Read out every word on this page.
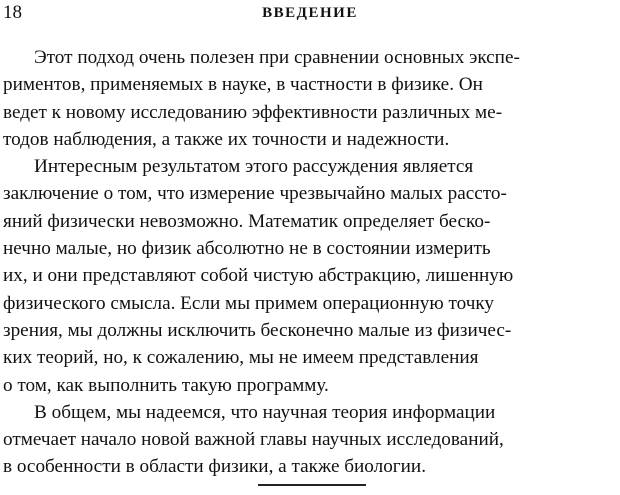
18	ВВЕДЕНИЕ
Этот подход очень полезен при сравнении основных экспе-
риментов, применяемых в науке, в частности в физике. Он
ведет к новому исследованию эффективности различных ме-
тодов наблюдения, а также их точности и надежности.
Интересным результатом этого рассуждения является
заключение о том, что измерение чрезвычайно малых рассто-
яний физически невозможно. Математик определяет беско-
нечно малые, но физик абсолютно не в состоянии измерить
их, и они представляют собой чистую абстракцию, лишенную
физического смысла. Если мы примем операционную точку
зрения, мы должны исключить бесконечно малые из физичес-
ких теорий, но, к сожалению, мы не имеем представления
о том, как выполнить такую программу.
В общем, мы надеемся, что научная теория информации
отмечает начало новой важной главы научных исследований,
в особенности в области физики, а также биологии.
